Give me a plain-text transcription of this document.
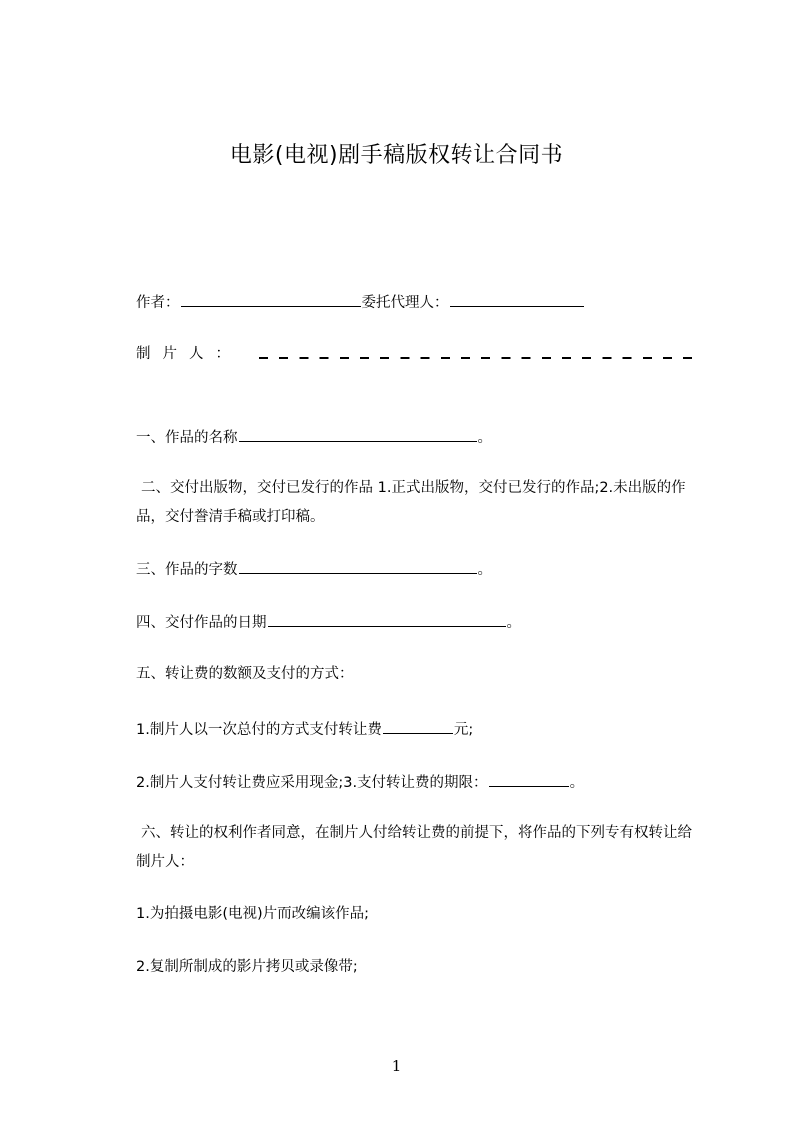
电影(电视)剧手稿版权转让合同书
作者：	委托代理人：
制片人：
一、作品的名称	。
二、交付出版物，交付已发行的作品 1.正式出版物，交付已发行的作品;2.未出版的作品，交付誊清手稿或打印稿。
三、作品的字数	。
四、交付作品的日期	。
五、转让费的数额及支付的方式：
1.制片人以一次总付的方式支付转让费	元;
2.制片人支付转让费应采用现金;3.支付转让费的期限：	。
六、转让的权利作者同意，在制片人付给转让费的前提下，将作品的下列专有权转让给制片人：
1.为拍摄电影(电视)片而改编该作品;
2.复制所制成的影片拷贝或录像带;
1
